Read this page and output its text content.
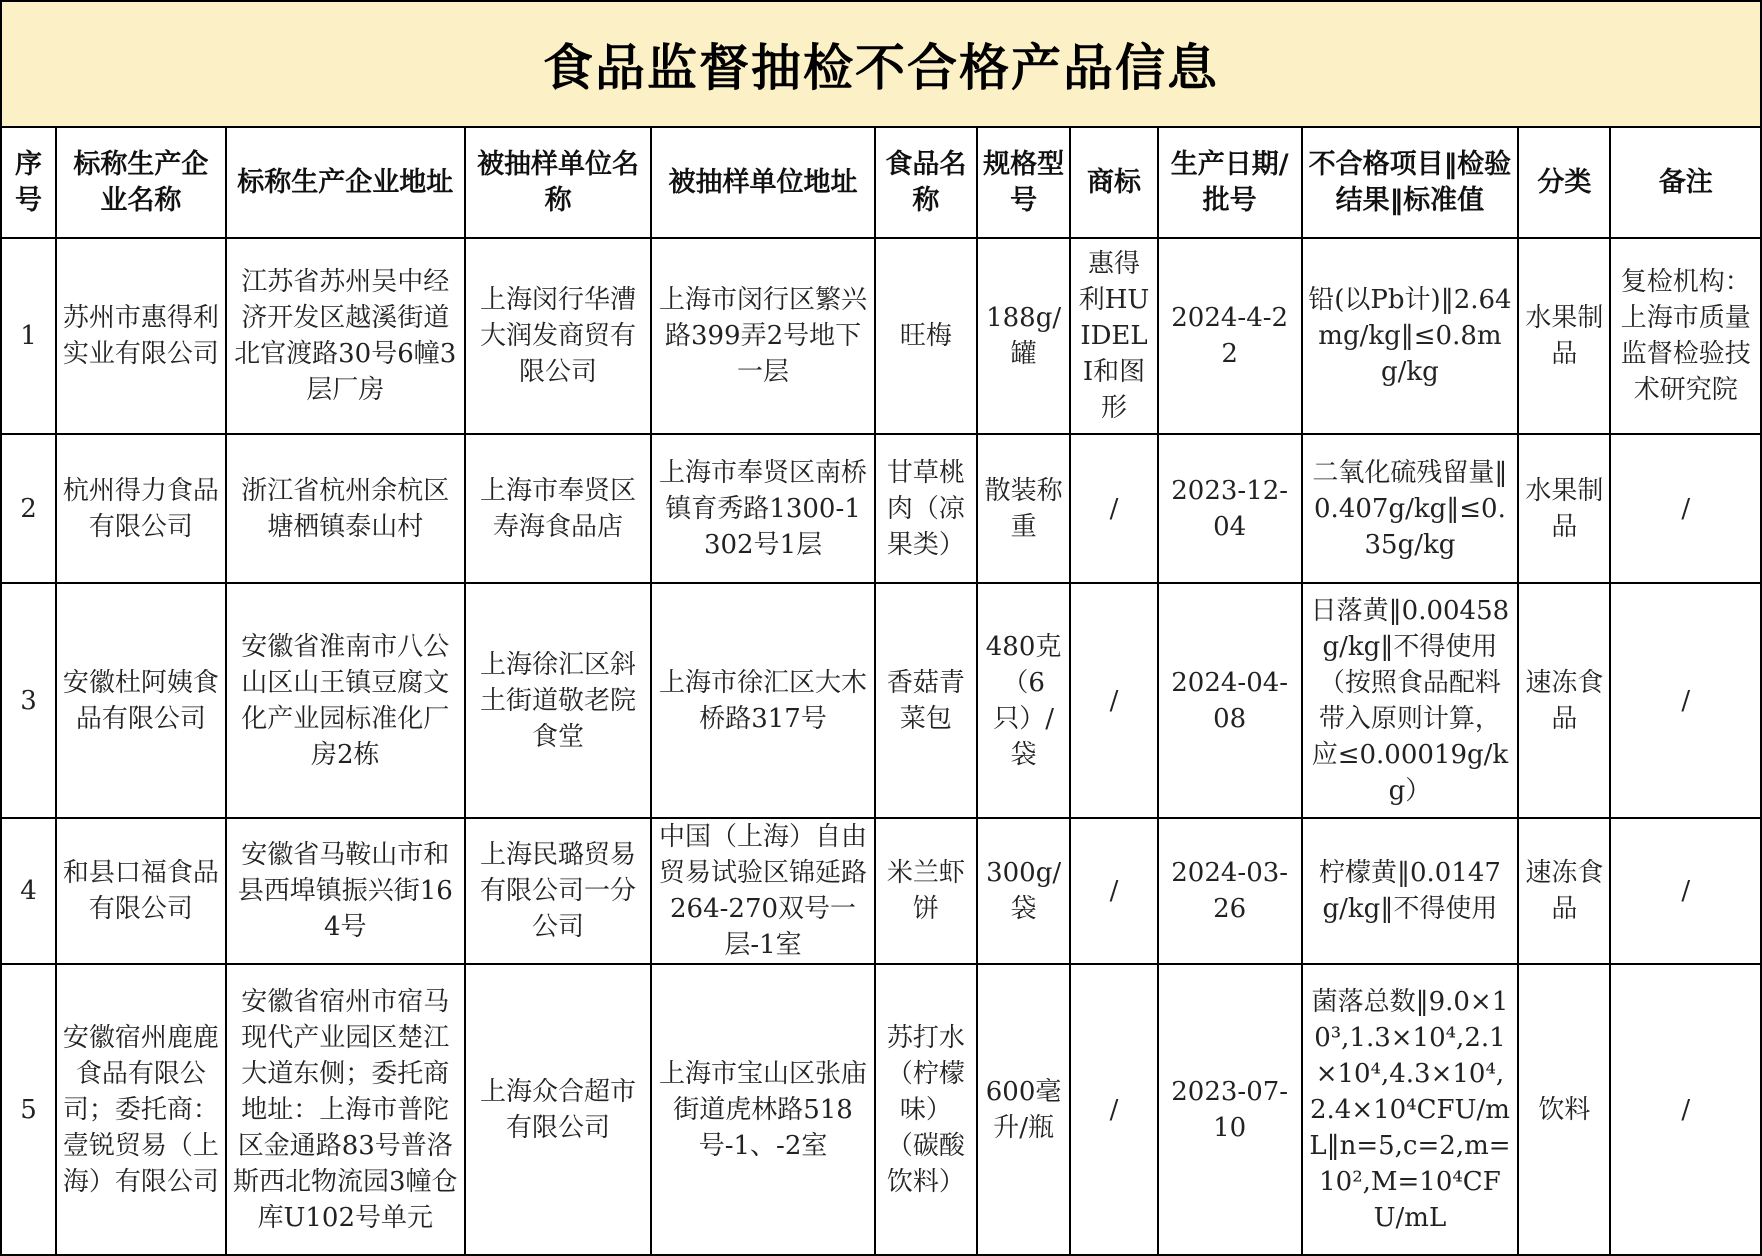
食品监督抽检不合格产品信息
序号	标称生产企业名称	标称生产企业地址	被抽样单位名称	被抽样单位地址	食品名称	规格型号	商标	生产日期/批号	不合格项目‖检验结果‖标准值	分类	备注
1	苏州市惠得利实业有限公司	江苏省苏州吴中经济开发区越溪街道北官渡路30号6幢3层厂房	上海闵行华漕大润发商贸有限公司	上海市闵行区繁兴路399弄2号地下一层	旺梅	188g/罐	惠得利HUIDELI和图形	2024-4-22	铅(以Pb计)‖2.64mg/kg‖≤0.8mg/kg	水果制品	复检机构：上海市质量监督检验技术研究院
2	杭州得力食品有限公司	浙江省杭州余杭区塘栖镇泰山村	上海市奉贤区寿海食品店	上海市奉贤区南桥镇育秀路1300-1302号1层	甘草桃肉（凉果类）	散装称重	/	2023-12-04	二氧化硫残留量‖0.407g/kg‖≤0.35g/kg	水果制品	/
3	安徽杜阿姨食品有限公司	安徽省淮南市八公山区山王镇豆腐文化产业园标准化厂房2栋	上海徐汇区斜土街道敬老院食堂	上海市徐汇区大木桥路317号	香菇青菜包	480克（6只）/袋	/	2024-04-08	日落黄‖0.00458g/kg‖不得使用（按照食品配料带入原则计算，应≤0.00019g/kg）	速冻食品	/
4	和县口福食品有限公司	安徽省马鞍山市和县西埠镇振兴街164号	上海民璐贸易有限公司一分公司	中国（上海）自由贸易试验区锦延路264-270双号一层-1室	米兰虾饼	300g/袋	/	2024-03-26	柠檬黄‖0.0147g/kg‖不得使用	速冻食品	/
5	安徽宿州鹿鹿食品有限公司；委托商：壹锐贸易（上海）有限公司	安徽省宿州市宿马现代产业园区楚江大道东侧；委托商地址：上海市普陀区金通路83号普洛斯西北物流园3幢仓库U102号单元	上海众合超市有限公司	上海市宝山区张庙街道虎林路518号-1、-2室	苏打水（柠檬味）（碳酸饮料）	600毫升/瓶	/	2023-07-10	菌落总数‖9.0×10³,1.3×10⁴,2.1×10⁴,4.3×10⁴,2.4×10⁴CFU/mL‖n=5,c=2,m=10²,M=10⁴CFU/mL	饮料	/
